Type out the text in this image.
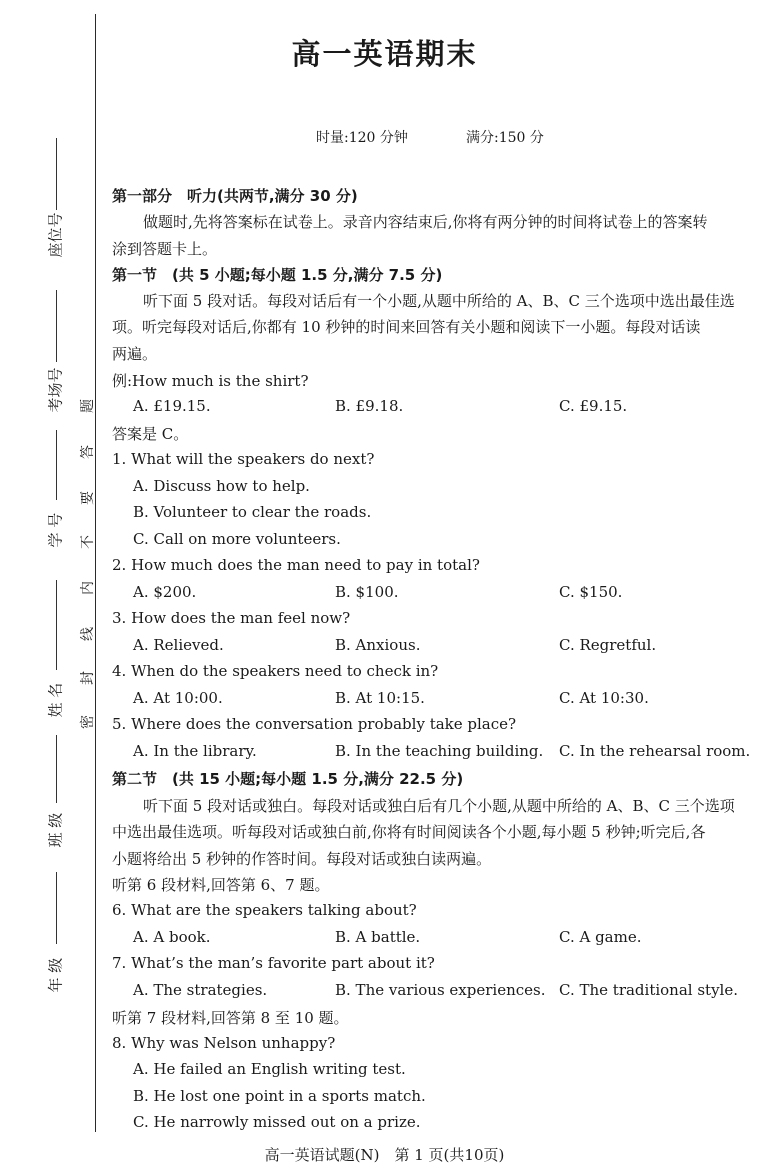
座位号
考场号
学 号
姓 名
班 级
年 级
题
答
要
不
内
线
封
密
高一英语期末
时量:120 分钟	满分:150 分
第一部分　听力(共两节,满分 30 分)
做题时,先将答案标在试卷上。录音内容结束后,你将有两分钟的时间将试卷上的答案转
涂到答题卡上。
第一节　(共 5 小题;每小题 1.5 分,满分 7.5 分)
听下面 5 段对话。每段对话后有一个小题,从题中所给的 A、B、C 三个选项中选出最佳选
项。听完每段对话后,你都有 10 秒钟的时间来回答有关小题和阅读下一小题。每段对话读
两遍。
例:How much is the shirt?
A. £19.15.	B. £9.18.	C. £9.15.
答案是 C。
1. What will the speakers do next?
A. Discuss how to help.
B. Volunteer to clear the roads.
C. Call on more volunteers.
2. How much does the man need to pay in total?
A. $200.	B. $100.	C. $150.
3. How does the man feel now?
A. Relieved.	B. Anxious.	C. Regretful.
4. When do the speakers need to check in?
A. At 10:00.	B. At 10:15.	C. At 10:30.
5. Where does the conversation probably take place?
A. In the library.	B. In the teaching building. C. In the rehearsal room.
第二节　(共 15 小题;每小题 1.5 分,满分 22.5 分)
听下面 5 段对话或独白。每段对话或独白后有几个小题,从题中所给的 A、B、C 三个选项
中选出最佳选项。听每段对话或独白前,你将有时间阅读各个小题,每小题 5 秒钟;听完后,各
小题将给出 5 秒钟的作答时间。每段对话或独白读两遍。
听第 6 段材料,回答第 6、7 题。
6. What are the speakers talking about?
A. A book.	B. A battle.	C. A game.
7. What’s the man’s favorite part about it?
A. The strategies.	B. The various experiences. C. The traditional style.
听第 7 段材料,回答第 8 至 10 题。
8. Why was Nelson unhappy?
A. He failed an English writing test.
B. He lost one point in a sports match.
C. He narrowly missed out on a prize.
高一英语试题(N)　第 1 页(共10页)
